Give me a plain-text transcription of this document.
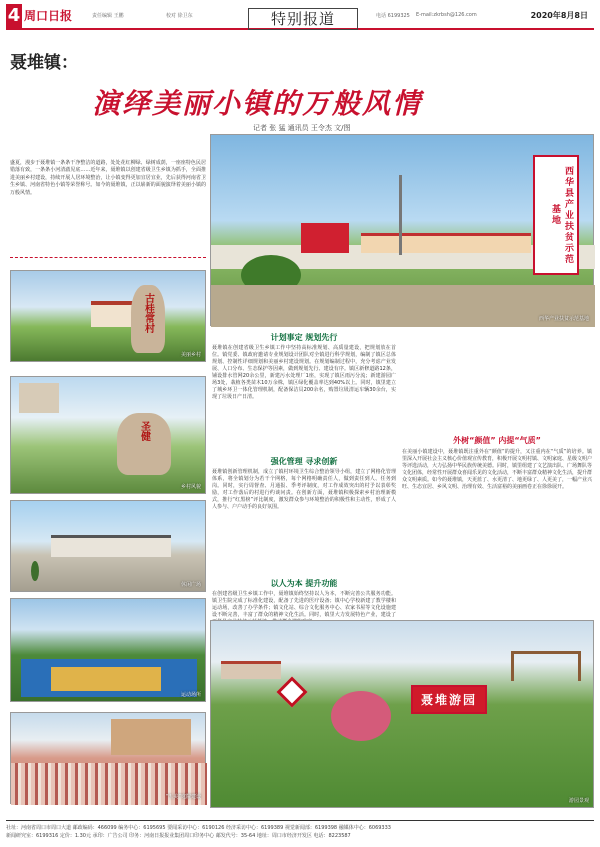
4 周口日报	责任编辑 王鹏	校对 徐卫东	特别报道	电话 6199325 E-mail:zkrbsh@126.com	2020年8月8日
聂堆镇：
演绎美丽小镇的万般风情
记者 张 猛 通讯员 王令杰 文/图
西华县产业扶贫示范基地
西华产业扶贫示范基地
盛夏，漫步于聂堆镇一条条干净整洁的道路，处处花红柳绿、绿树成荫，一座座特色民居错落有致，一条条小河清澈见底……近年来，聂堆镇以创建省级卫生乡镇为抓手，全面推进美丽乡村建设，持续开展人居环境整治，让小镇变得更加宜居宜业，先后获得河南省卫生乡镇、河南省特色小镇等荣誉称号。如今的聂堆镇，正以崭新的面貌演绎着美丽小镇的万般风情。
古桂常村
美丽乡村
圣健
乡村风貌
休闲广场
运动场所
“五美”庭院建设
计划事定 规划先行
聂堆镇在创建省级卫生乡镇工作中坚持高标准规划、高质量建设，把规划放在首位。镇党委、镇政府邀请专业规划设计团队对全镇进行科学规划，编制了镇区总体规划、控制性详细规划和美丽乡村建设规划。在规划编制过程中，充分考虑产业发展、人口分布、生态保护等因素，做到规划先行、建设有序。镇区新修道路12条，铺设排水管网20余公里，新建污水处理厂1座，实现了镇区雨污分流；新建游园广场3处，栽植各类苗木10万余株，镇区绿化覆盖率达到40%以上。同时，镇里建立了城乡环卫一体化管理机制，配备保洁员200余名，购置垃圾清运车辆30余台，实现了垃圾日产日清。
强化管理 寻求创新
聂堆镇创新管理机制，成立了镇村环境卫生综合整治领导小组，建立了网格化管理体系，将全镇划分为若干个网格，每个网格明确责任人，做到责任到人、任务到岗。同时，实行周督查、月通报、季考评制度，对工作成效突出的村予以表彰奖励，对工作落后的村进行约谈问责。在创新方面，聂堆镇积极探索乡村治理新模式，推行“红黑榜”评比制度，激发群众参与环境整治的积极性和主动性，形成了人人参与、户户动手的良好氛围。
以人为本 提升功能
在创建省级卫生乡镇工作中，聂堆镇始终坚持以人为本，不断完善公共服务功能。镇卫生院完成了标准化建设，配备了先进的医疗设备；镇中心学校新建了教学楼和运动场，改善了办学条件；镇文化站、综合文化服务中心、农家书屋等文化设施建设不断完善，丰富了群众的精神文化生活。同时，镇里大力发展特色产业，建设了
外树“颜值” 内提“气质”
在美丽小镇建设中，聂堆镇既注重外在“颜值”的提升，又注重内在“气质”的培养。镇里深入开展社会主义核心价值观宣传教育，积极开展文明村镇、文明家庭、星级文明户等评选活动，大力弘扬中华民族传统美德。同时，镇里组建了文艺演出队、广场舞队等文化团体，经常性开展群众喜闻乐见的文化活动，不断丰富群众精神文化生活，提升群众文明素质。如今的聂堆镇，天更蓝了、水更清了、地更绿了、人更美了，一幅产业兴旺、生态宜居、乡风文明、治理有效、生活富裕的美丽画卷正在徐徐展开。
聂堆游园
游园景观
社址：河南省周口市周口大道 邮政编码：466099 编务中心：6195695 要闻采访中心：6190126 经济采访中心：6199389 视觉新闻部：6199398 融媒体中心：6069333
新闻研究室：6199316 定价：1.30元 承印：广告公司 印务：河南日报报业集团周口印务中心 邮发代号：35-64 地址：周口市经济开发区 电话：8223587
